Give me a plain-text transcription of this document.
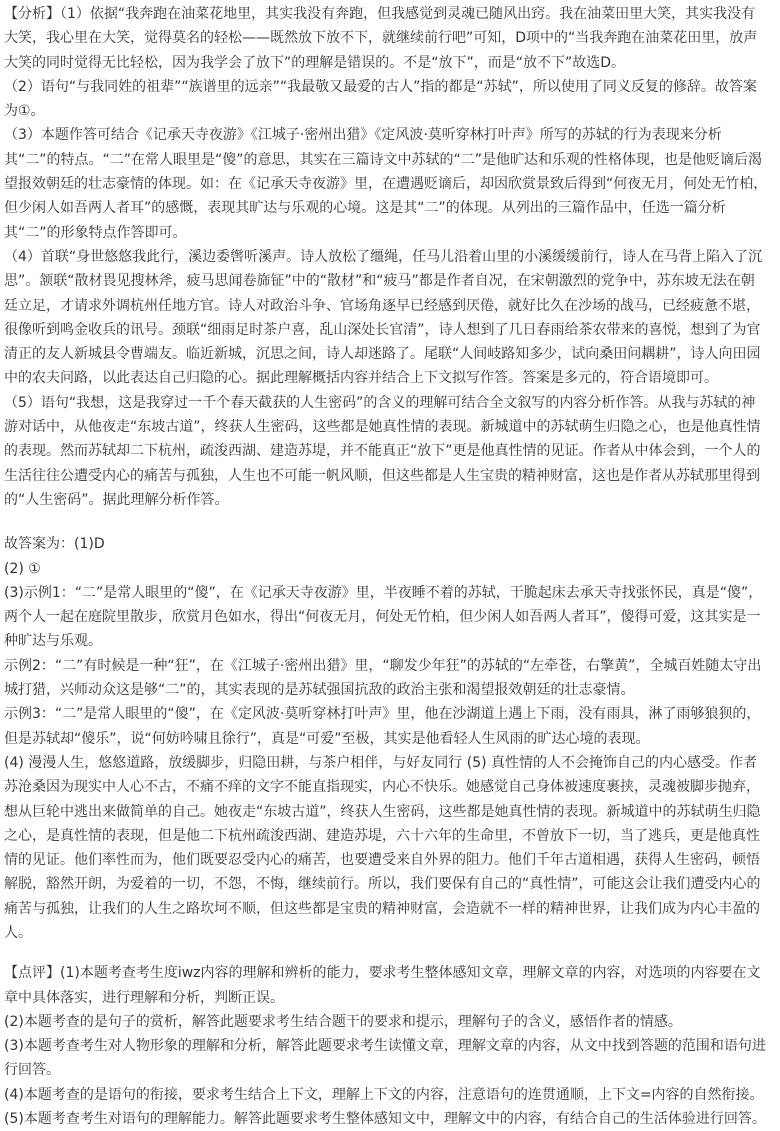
【分析】（1）依据“我奔跑在油菜花地里，其实我没有奔跑，但我感觉到灵魂已随风出窍。我在油菜田里大笑，其实我没有大笑，我心里在大笑，觉得莫名的轻松——既然放下放不下，就继续前行吧”可知，D项中的“当我奔跑在油菜花田里，放声大笑的同时觉得无比轻松，因为我学会了放下”的理解是错误的。不是“放下”，而是“放不下”故选D。

（2）语句“与我同姓的祖辈”“族谱里的远亲”“我最敬又最爱的古人”指的都是“苏轼”，所以使用了同义反复的修辞。故答案为①。

（3）本题作答可结合《记承天寺夜游》《江城子·密州出猎》《定风波·莫听穿林打叶声》所写的苏轼的行为表现来分析其“二”的特点。“二”在常人眼里是“傻”的意思，其实在三篇诗文中苏轼的“二”是他旷达和乐观的性格体现，也是他贬谪后渴望报效朝廷的壮志豪情的体现。如：在《记承天寺夜游》里，在遭遇贬谪后，却因欣赏景致后得到“何夜无月，何处无竹柏，但少闲人如吾两人者耳”的感慨，表现其旷达与乐观的心境。这是其“二”的体现。从列出的三篇作品中，任选一篇分析其“二”的形象特点作答即可。

（4）首联“身世悠悠我此行，溪边委辔听溪声。诗人放松了缰绳，任马儿沿着山里的小溪缓缓前行，诗人在马背上陷入了沉思”。颔联“散材畏见搜林斧，疲马思闻卷旆钲”中的“散材”和“疲马”都是作者自况，在宋朝激烈的党争中，苏东坡无法在朝廷立足，才请求外调杭州任地方官。诗人对政治斗争、官场角逐早已经感到厌倦，就好比久在沙场的战马，已经疲惫不堪，很像听到鸣金收兵的讯号。颈联“细雨足时茶户喜，乱山深处长官清”，诗人想到了几日春雨给茶农带来的喜悦，想到了为官清正的友人新城县令曹端友。临近新城，沉思之间，诗人却迷路了。尾联“人间岐路知多少，试向桑田问耦耕”，诗人向田园中的农夫问路，以此表达自己归隐的心。据此理解概括内容并结合上下文拟写作答。答案是多元的，符合语境即可。

（5）语句“我想，这是我穿过一千个春天截获的人生密码”的含义的理解可结合全文叙写的内容分析作答。从我与苏轼的神游对话中，从他夜走“东坡古道”，终获人生密码，这些都是她真性情的表现。新城道中的苏轼萌生归隐之心，也是他真性情的表现。然而苏轼却二下杭州，疏浚西湖、建造苏堤，并不能真正“放下”更是他真性情的见证。作者从中体会到，一个人的生活往往公遭受内心的痛苦与孤独，人生也不可能一帆风顺，但这些都是人生宝贵的精神财富，这也是作者从苏轼那里得到的“人生密码”。据此理解分析作答。

故答案为：(1)D

(2) ①

(3)示例1：“二”是常人眼里的“傻”，在《记承天寺夜游》里，半夜睡不着的苏轼，干脆起床去承天寺找张怀民，真是“傻”，两个人一起在庭院里散步，欣赏月色如水，得出“何夜无月，何处无竹柏，但少闲人如吾两人者耳”，傻得可爱，这其实是一种旷达与乐观。

示例2：“二”有时候是一种“狂”，在《江城子·密州出猎》里，“聊发少年狂”的苏轼的“左牵苍，右擎黄”，全城百姓随太守出城打猎，兴师动众这是够“二”的，其实表现的是苏轼强国抗敌的政治主张和渴望报效朝廷的壮志豪情。

示例3：“二”是常人眼里的“傻”，在《定风波·莫听穿林打叶声》里，他在沙湖道上遇上下雨，没有雨具，淋了雨够狼狈的，但是苏轼却“傻乐”，说“何妨吟啸且徐行”，真是“可爱”至极，其实是他看轻人生风雨的旷达心境的表现。

(4) 漫漫人生，悠悠道路，放缓脚步，归隐田耕，与茶户相伴，与好友同行 (5) 真性情的人不会掩饰自己的内心感受。作者苏沧桑因为现实中人心不古，不痛不痒的文字不能直指现实，内心不快乐。她感觉自己身体被速度裹挟，灵魂被脚步抛弃，想从巨轮中逃出来做简单的自己。她夜走“东坡古道”，终获人生密码，这些都是她真性情的表现。新城道中的苏轼萌生归隐之心，是真性情的表现，但是他二下杭州疏浚西湖、建造苏堤，六十六年的生命里，不曾放下一切，当了逃兵，更是他真性情的见证。他们率性而为，他们既要忍受内心的痛苦，也要遭受来自外界的阻力。他们千年古道相遇，获得人生密码，顿悟解脱，豁然开朗，为爱着的一切，不怨，不悔，继续前行。所以，我们要保有自己的“真性情”，可能这会让我们遭受内心的痛苦与孤独，让我们的人生之路坎坷不顺，但这些都是宝贵的精神财富，会造就不一样的精神世界，让我们成为内心丰盈的人。

【点评】(1)本题考查考生度iwz内容的理解和辨析的能力，要求考生整体感知文章，理解文章的内容，对选项的内容要在文章中具体落实，进行理解和分析，判断正误。

(2)本题考查的是句子的赏析，解答此题要求考生结合题干的要求和提示，理解句子的含义，感悟作者的情感。

(3)本题考查考生对人物形象的理解和分析，解答此题要求考生读懂文章，理解文章的内容，从文中找到答题的范围和语句进行回答。

(4)本题考查的是语句的衔接，要求考生结合上下文，理解上下文的内容，注意语句的连贯通顺，上下文=内容的自然衔接。

(5)本题考查考生对语句的理解能力。解答此题要求考生整体感知文中，理解文中的内容，有结合自己的生活体验进行回答。
